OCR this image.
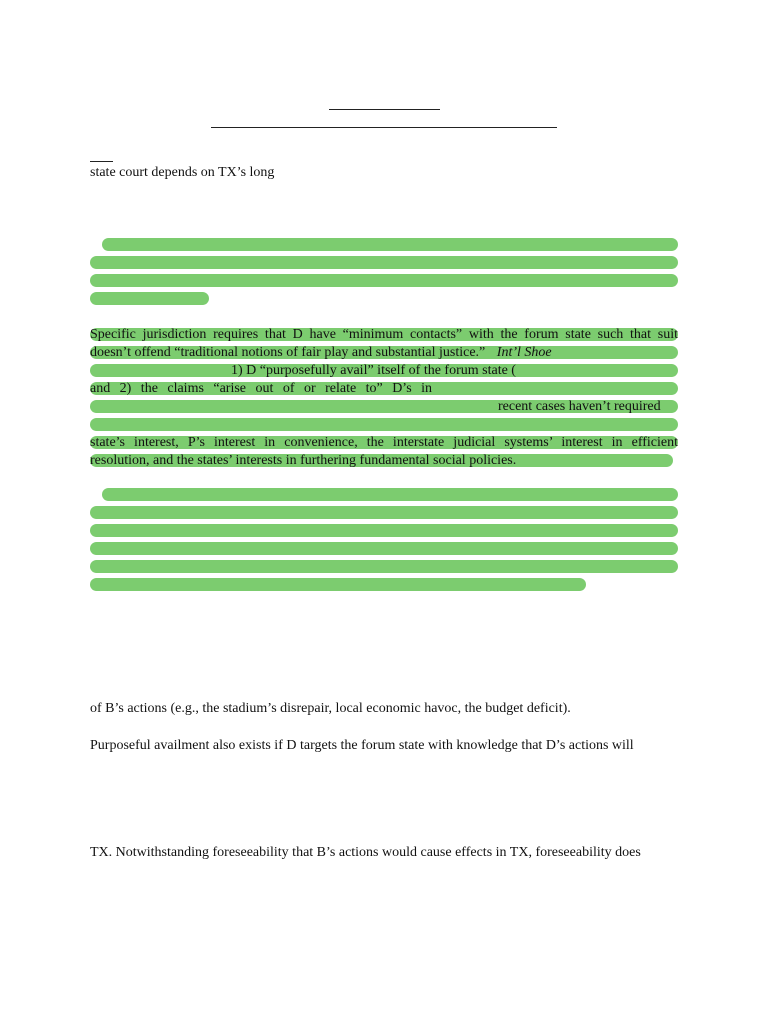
state court depends on TX’s long
Specific jurisdiction requires that D have “minimum contacts” with the forum state such that suit
doesn’t offend “traditional notions of fair play and substantial justice.” Int’l Shoe
1) D “purposefully avail” itself of the forum state (
and 2) the claims “arise out of or relate to” D’s in
recent cases haven’t required
state’s interest, P’s interest in convenience, the interstate judicial systems’ interest in efficient
resolution, and the states’ interests in furthering fundamental social policies.
of B’s actions (e.g., the stadium’s disrepair, local economic havoc, the budget deficit).
Purposeful availment also exists if D targets the forum state with knowledge that D’s actions will
TX. Notwithstanding foreseeability that B’s actions would cause effects in TX, foreseeability does
